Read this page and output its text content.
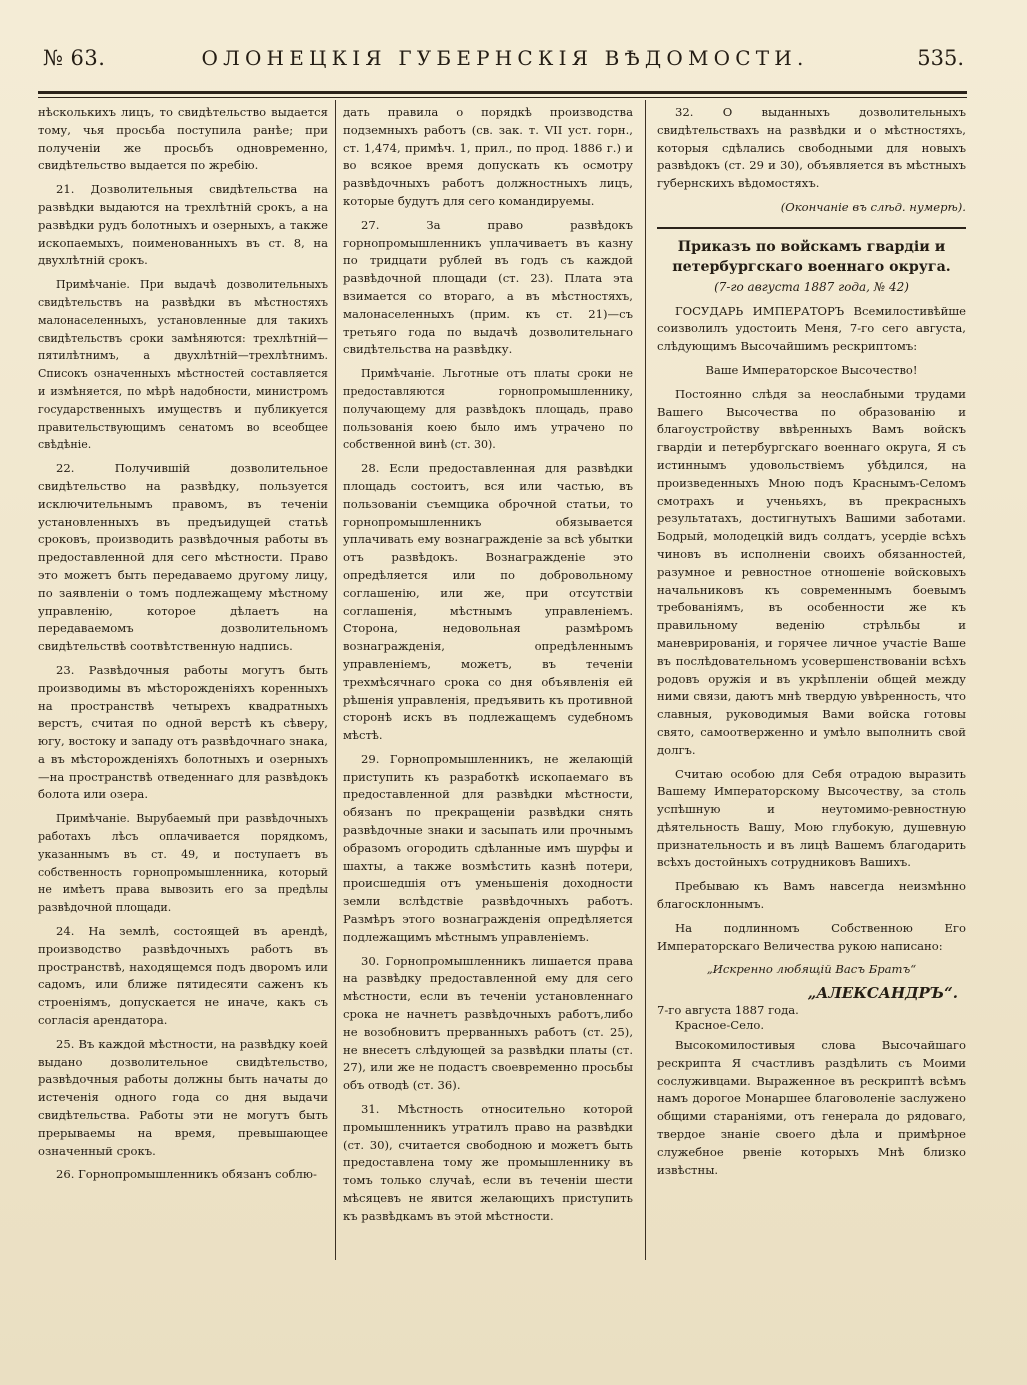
№ 63.	ОЛОНЕЦКІЯ ГУБЕРНСКІЯ ВѢДОМОСТИ.	535.

нѣсколькихъ лицъ, то свидѣтельство выдается тому, чья просьба поступила ранѣе; при полученіи же просьбъ одновременно, свидѣтельство выдается по жребію.

21. Дозволительныя свидѣтельства на развѣдки выдаются на трехлѣтній срокъ, а на развѣдки рудъ болотныхъ и озерныхъ, а также ископаемыхъ, поименованныхъ въ ст. 8, на двухлѣтній срокъ.

Примѣчаніе. При выдачѣ дозволительныхъ свидѣтельствъ на развѣдки въ мѣстностяхъ малонаселенныхъ, установленные для такихъ свидѣтельствъ сроки замѣняются: трехлѣтній—пятилѣтнимъ, а двухлѣтній—трехлѣтнимъ. Списокъ означенныхъ мѣстностей составляется и измѣняется, по мѣрѣ надобности, министромъ государственныхъ имуществъ и публикуется правительствующимъ сенатомъ во всеобщее свѣдѣніе.

22. Получившій дозволительное свидѣтельство на развѣдку, пользуется исключительнымъ правомъ, въ теченіи установленныхъ въ предъидущей статьѣ сроковъ, производить развѣдочныя работы въ предоставленной для сего мѣстности. Право это можетъ быть передаваемо другому лицу, по заявленіи о томъ подлежащему мѣстному управленію, которое дѣлаетъ на передаваемомъ дозволительномъ свидѣтельствѣ соотвѣтственную надпись.

23. Развѣдочныя работы могутъ быть производимы въ мѣсторожденіяхъ коренныхъ на пространствѣ четырехъ квадратныхъ верстъ, считая по одной верстѣ къ сѣверу, югу, востоку и западу отъ развѣдочнаго знака, а въ мѣсторожденіяхъ болотныхъ и озерныхъ—на пространствѣ отведеннаго для развѣдокъ болота или озера.

Примѣчаніе. Вырубаемый при развѣдочныхъ работахъ лѣсъ оплачивается порядкомъ, указаннымъ въ ст. 49, и поступаетъ въ собственность горнопромышленника, который не имѣетъ права вывозить его за предѣлы развѣдочной площади.

24. На землѣ, состоящей въ арендѣ, производство развѣдочныхъ работъ въ пространствѣ, находящемся подъ дворомъ или садомъ, или ближе пятидесяти саженъ къ строеніямъ, допускается не иначе, какъ съ согласія арендатора.

25. Въ каждой мѣстности, на развѣдку коей выдано дозволительное свидѣтельство, развѣдочныя работы должны быть начаты до истеченія одного года со дня выдачи свидѣтельства. Работы эти не могутъ быть прерываемы на время, превышающее означенный срокъ.

26. Горнопромышленникъ обязанъ соблю-

дать правила о порядкѣ производства подземныхъ работъ (св. зак. т. VII уст. горн., ст. 1,474, примѣч. 1, прил., по прод. 1886 г.) и во всякое время допускать къ осмотру развѣдочныхъ работъ должностныхъ лицъ, которые будутъ для сего командируемы.

27. За право развѣдокъ горнопромышленникъ уплачиваетъ въ казну по тридцати рублей въ годъ съ каждой развѣдочной площади (ст. 23). Плата эта взимается со втораго, а въ мѣстностяхъ, малонаселенныхъ (прим. къ ст. 21)—съ третьяго года по выдачѣ дозволительнаго свидѣтельства на развѣдку.

Примѣчаніе. Льготные отъ платы сроки не предоставляются горнопромышленнику, получающему для развѣдокъ площадь, право пользованія коею было имъ утрачено по собственной винѣ (ст. 30).

28. Если предоставленная для развѣдки площадь состоитъ, вся или частью, въ пользованіи съемщика оброчной статьи, то горнопромышленникъ обязывается уплачивать ему вознагражденіе за всѣ убытки отъ развѣдокъ. Вознагражденіе это опредѣляется или по добровольному соглашенію, или же, при отсутствіи соглашенія, мѣстнымъ управленіемъ. Сторона, недовольная размѣромъ вознагражденія, опредѣленнымъ управленіемъ, можетъ, въ теченіи трехмѣсячнаго срока со дня объявленія ей рѣшенія управленія, предъявить къ противной сторонѣ искъ въ подлежащемъ судебномъ мѣстѣ.

29. Горнопромышленникъ, не желающій приступить къ разработкѣ ископаемаго въ предоставленной для развѣдки мѣстности, обязанъ по прекращеніи развѣдки снять развѣдочные знаки и засыпать или прочнымъ образомъ огородить сдѣланные имъ шурфы и шахты, а также возмѣстить казнѣ потери, происшедшія отъ уменьшенія доходности земли вслѣдствіе развѣдочныхъ работъ. Размѣръ этого вознагражденія опредѣляется подлежащимъ мѣстнымъ управленіемъ.

30. Горнопромышленникъ лишается права на развѣдку предоставленной ему для сего мѣстности, если въ теченіи установленнаго срока не начнетъ развѣдочныхъ работъ,либо не возобновитъ прерванныхъ работъ (ст. 25), не внесетъ слѣдующей за развѣдки платы (ст. 27), или же не подастъ своевременно просьбы объ отводѣ (ст. 36).

31. Мѣстность относительно которой промышленникъ утратилъ право на развѣдки (ст. 30), считается свободною и можетъ быть предоставлена тому же промышленнику въ томъ только случаѣ, если въ теченіи шести мѣсяцевъ не явится желающихъ приступить къ развѣдкамъ въ этой мѣстности.

32. О выданныхъ дозволительныхъ свидѣтельствахъ на развѣдки и о мѣстностяхъ, которыя сдѣлались свободными для новыхъ развѣдокъ (ст. 29 и 30), объявляется въ мѣстныхъ губернскихъ вѣдомостяхъ.

(Окончаніе въ слѣд. нумерѣ).

Приказъ по войскамъ гвардіи и петербургскаго военнаго округа.

(7-го августа 1887 года, № 42)

ГОСУДАРЬ ИМПЕРАТОРЪ Всемилостивѣйше соизволилъ удостоить Меня, 7-го сего августа, слѣдующимъ Высочайшимъ рескриптомъ:

Ваше Императорское Высочество!

Постоянно слѣдя за неослабными трудами Вашего Высочества по образованію и благоустройству ввѣренныхъ Вамъ войскъ гвардіи и петербургскаго военнаго округа, Я съ истиннымъ удовольствіемъ убѣдился, на произведенныхъ Мною подъ Краснымъ-Селомъ смотрахъ и ученьяхъ, въ прекрасныхъ результатахъ, достигнутыхъ Вашими заботами. Бодрый, молодецкій видъ солдатъ, усердіе всѣхъ чиновъ въ исполненіи своихъ обязанностей, разумное и ревностное отношеніе войсковыхъ начальниковъ къ современнымъ боевымъ требованіямъ, въ особенности же къ правильному веденію стрѣльбы и маневрированія, и горячее личное участіе Ваше въ послѣдовательномъ усовершенствованіи всѣхъ родовъ оружія и въ укрѣпленіи общей между ними связи, даютъ мнѣ твердую увѣренность, что славныя, руководимыя Вами войска готовы свято, самоотверженно и умѣло выполнить свой долгъ.

Считаю особою для Себя отрадою выразить Вашему Императорскому Высочеству, за столь успѣшную и неутомимо-ревностную дѣятельность Вашу, Мою глубокую, душевную признательность и въ лицѣ Вашемъ благодарить всѣхъ достойныхъ сотрудниковъ Вашихъ.

Пребываю къ Вамъ навсегда неизмѣнно благосклоннымъ.

На подлинномъ Собственною Его Императорскаго Величества рукою написано:

„Искренно любящій Васъ Братъ“

„АЛЕКСАНДРЪ“.

7-го августа 1887 года.

Красное-Село.

Высокомилостивыя слова Высочайшаго рескрипта Я счастливъ раздѣлить съ Моими сослуживцами. Выраженное въ рескриптѣ всѣмъ намъ дорогое Монаршее благоволеніе заслужено общими стараніями, отъ генерала до рядоваго, твердое знаніе своего дѣла и примѣрное служебное рвеніе которыхъ Мнѣ близко извѣстны.
